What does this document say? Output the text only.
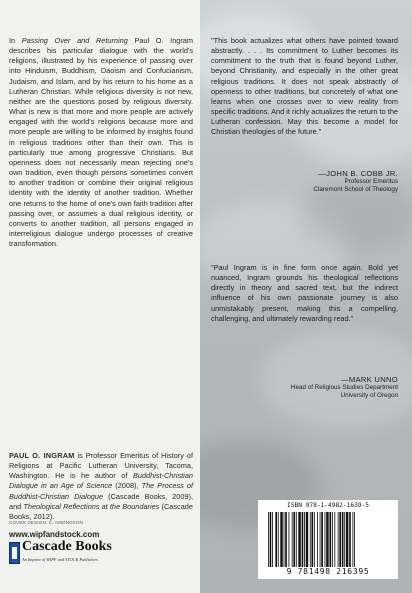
In Passing Over and Returning Paul O. Ingram describes his particular dialogue with the world's religions, illustrated by his experience of passing over into Hinduism, Buddhism, Daoism and Confucianism, Judaism, and Islam, and by his return to his home as a Lutheran Christian. While religious diversity is not new, neither are the questions posed by religious diversity. What is new is that more and more people are actively engaged with the world's religions because more and more people are willing to be informed by insights found in religious traditions other than their own. This is particularly true among progressive Christians. But openness does not necessarily mean rejecting one's own tradition, even though persons sometimes convert to another tradition or combine their original religious identity with the identity of another tradition. Whether one returns to the home of one's own faith tradition after passing over, or assumes a dual religious identity, or converts to another tradition, all persons engaged in interreligious dialogue undergo processes of creative transformation.

PAUL O. INGRAM is Professor Emeritus of History of Religions at Pacific Lutheran University, Tacoma, Washington. He is he author of Buddhist-Christian Dialogue in an Age of Science (2008), The Process of Buddhist-Christian Dialogue (Cascade Books, 2009), and Theological Reflections at the Boundaries (Cascade Books, 2012).

COVER DESIGN: C. AMONDSON
www.wipfandstock.com
Cascade Books
An Imprint of WIPF and STOCK Publishers

"This book actualizes what others have pointed toward abstractly. . . . Its commitment to Luther becomes its commitment to the truth that is found beyond Luther, beyond Christianity, and especially in the other great religious traditions. It does not speak abstractly of openness to other traditions, but concretely of what one learns when one crosses over to view reality from specific traditions. And it richly actualizes the return to the Lutheran confession. May this become a model for Christian theologies of the future."

—JOHN B. COBB JR.
Professor Emeritus
Claremont School of Theology

"Paul Ingram is in fine form once again. Bold yet nuanced, Ingram grounds his theological reflections directly in theory and sacred text, but the indirect influence of his own passionate journey is also unmistakably present, making this a compelling, challenging, and ultimately rewarding read."

—MARK UNNO
Head of Religious Studies Department
University of Oregon
ISBN 978-1-4982-1639-5
9 781498 216395
